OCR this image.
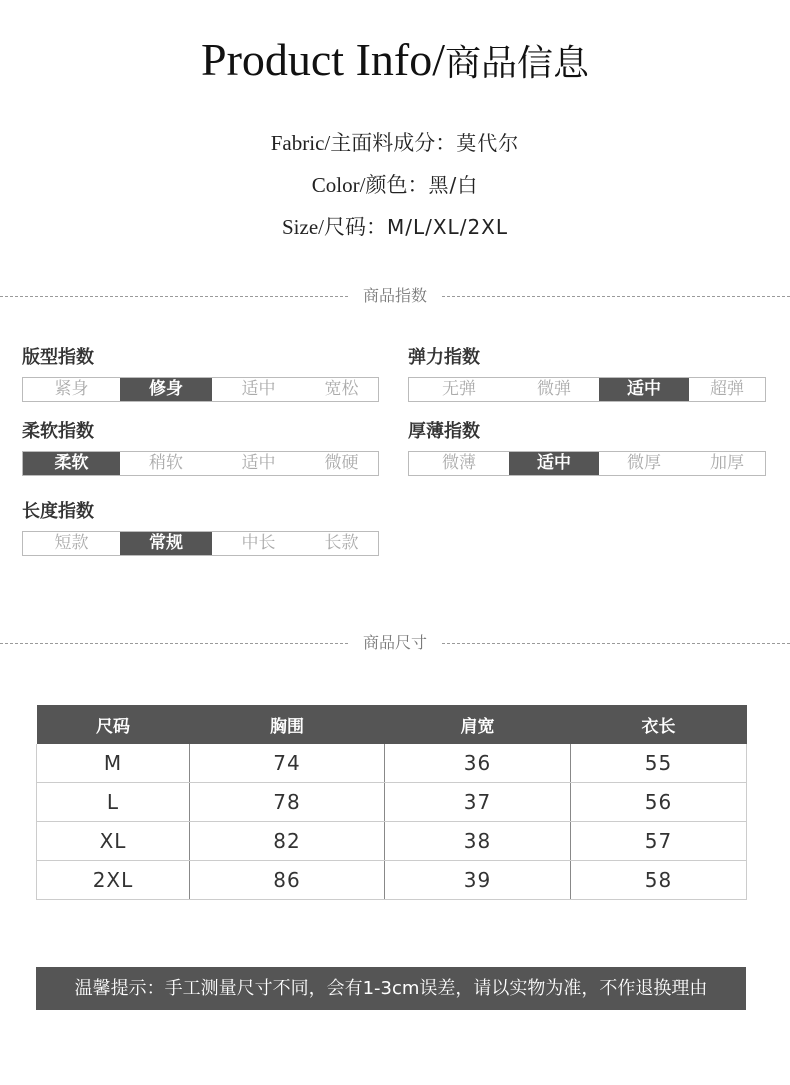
Product Info/商品信息
Fabric/主面料成分：莫代尔
Color/颜色：黑/白
Size/尺码：M/L/XL/2XL
商品指数
版型指数
紧身	修身	适中	宽松
弹力指数
无弹	微弹	适中	超弹
柔软指数
柔软	稍软	适中	微硬
厚薄指数
微薄	适中	微厚	加厚
长度指数
短款	常规	中长	长款
商品尺寸
尺码	胸围	肩宽	衣长
M	74	36	55
L	78	37	56
XL	82	38	57
2XL	86	39	58
温馨提示：手工测量尺寸不同，会有1-3cm误差，请以实物为准，不作退换理由
